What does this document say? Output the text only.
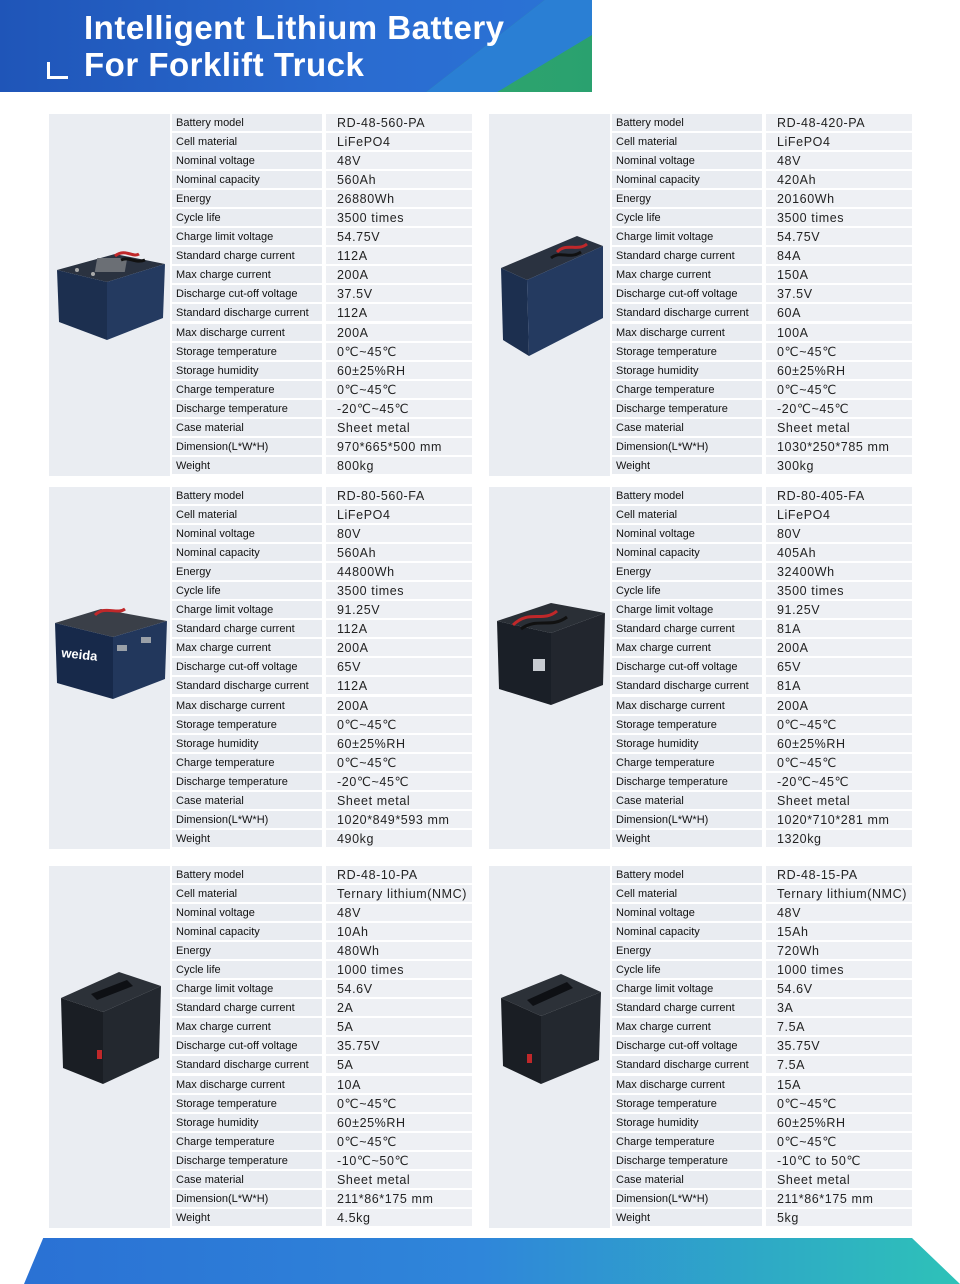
Intelligent Lithium Battery
For Forklift Truck
Battery model	RD-48-560-PA
Cell material	LiFePO4
Nominal voltage	48V
Nominal capacity	560Ah
Energy	26880Wh
Cycle life	3500 times
Charge limit voltage	54.75V
Standard charge current	112A
Max charge current	200A
Discharge cut-off voltage	37.5V
Standard discharge current	112A
Max discharge current	200A
Storage temperature	0℃~45℃
Storage humidity	60±25%RH
Charge temperature	0℃~45℃
Discharge temperature	-20℃~45℃
Case material	Sheet metal
Dimension(L*W*H)	970*665*500 mm
Weight	800kg
Battery model	RD-48-420-PA
Cell material	LiFePO4
Nominal voltage	48V
Nominal capacity	420Ah
Energy	20160Wh
Cycle life	3500 times
Charge limit voltage	54.75V
Standard charge current	84A
Max charge current	150A
Discharge cut-off voltage	37.5V
Standard discharge current	60A
Max discharge current	100A
Storage temperature	0℃~45℃
Storage humidity	60±25%RH
Charge temperature	0℃~45℃
Discharge temperature	-20℃~45℃
Case material	Sheet metal
Dimension(L*W*H)	1030*250*785 mm
Weight	300kg
weida
Battery model	RD-80-560-FA
Cell material	LiFePO4
Nominal voltage	80V
Nominal capacity	560Ah
Energy	44800Wh
Cycle life	3500 times
Charge limit voltage	91.25V
Standard charge current	112A
Max charge current	200A
Discharge cut-off voltage	65V
Standard discharge current	112A
Max discharge current	200A
Storage temperature	0℃~45℃
Storage humidity	60±25%RH
Charge temperature	0℃~45℃
Discharge temperature	-20℃~45℃
Case material	Sheet metal
Dimension(L*W*H)	1020*849*593 mm
Weight	490kg
Battery model	RD-80-405-FA
Cell material	LiFePO4
Nominal voltage	80V
Nominal capacity	405Ah
Energy	32400Wh
Cycle life	3500 times
Charge limit voltage	91.25V
Standard charge current	81A
Max charge current	200A
Discharge cut-off voltage	65V
Standard discharge current	81A
Max discharge current	200A
Storage temperature	0℃~45℃
Storage humidity	60±25%RH
Charge temperature	0℃~45℃
Discharge temperature	-20℃~45℃
Case material	Sheet metal
Dimension(L*W*H)	1020*710*281 mm
Weight	1320kg
Battery model	RD-48-10-PA
Cell material	Ternary lithium(NMC)
Nominal voltage	48V
Nominal capacity	10Ah
Energy	480Wh
Cycle life	1000 times
Charge limit voltage	54.6V
Standard charge current	2A
Max charge current	5A
Discharge cut-off voltage	35.75V
Standard discharge current	5A
Max discharge current	10A
Storage temperature	0℃~45℃
Storage humidity	60±25%RH
Charge temperature	0℃~45℃
Discharge temperature	-10℃~50℃
Case material	Sheet metal
Dimension(L*W*H)	211*86*175 mm
Weight	4.5kg
Battery model	RD-48-15-PA
Cell material	Ternary lithium(NMC)
Nominal voltage	48V
Nominal capacity	15Ah
Energy	720Wh
Cycle life	1000 times
Charge limit voltage	54.6V
Standard charge current	3A
Max charge current	7.5A
Discharge cut-off voltage	35.75V
Standard discharge current	7.5A
Max discharge current	15A
Storage temperature	0℃~45℃
Storage humidity	60±25%RH
Charge temperature	0℃~45℃
Discharge temperature	-10℃ to 50℃
Case material	Sheet metal
Dimension(L*W*H)	211*86*175 mm
Weight	5kg
